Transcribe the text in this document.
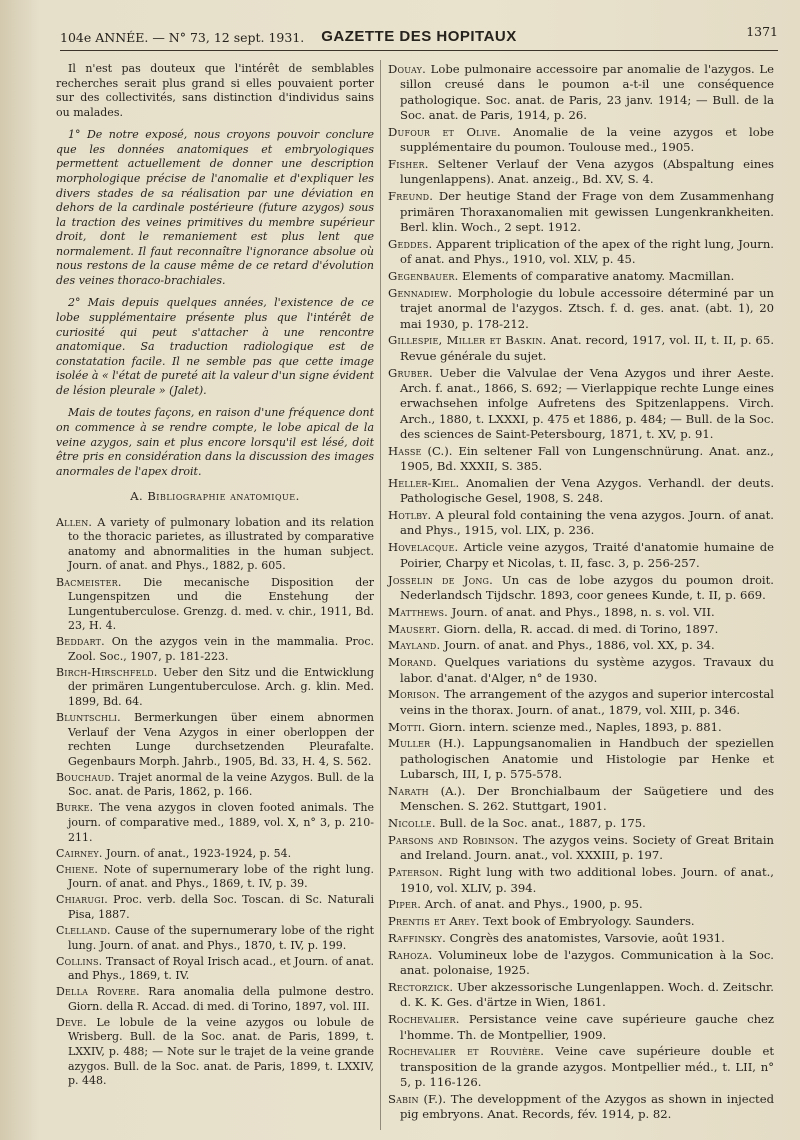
104e ANNÉE. — N° 73, 12 sept. 1931.	GAZETTE DES HOPITAUX	1371

Il n'est pas douteux que l'intérêt de semblables recherches serait plus grand si elles pouvaient porter sur des collectivités, sans distinction d'individus sains ou malades.

1° De notre exposé, nous croyons pouvoir conclure que les données anatomiques et embryologiques permettent actuellement de donner une description morphologique précise de l'anomalie et d'expliquer les divers stades de sa réalisation par une déviation en dehors de la cardinale postérieure (future azygos) sous la traction des veines primitives du membre supérieur droit, dont le remaniement est plus lent que normalement. Il faut reconnaître l'ignorance absolue où nous restons de la cause même de ce retard d'évolution des veines thoraco-brachiales.

2° Mais depuis quelques années, l'existence de ce lobe supplémentaire présente plus que l'intérêt de curiosité qui peut s'attacher à une rencontre anatomique. Sa traduction radiologique est de constatation facile. Il ne semble pas que cette image isolée à « l'état de pureté ait la valeur d'un signe évident de lésion pleurale » (Jalet).

Mais de toutes façons, en raison d'une fréquence dont on commence à se rendre compte, le lobe apical de la veine azygos, sain et plus encore lorsqu'il est lésé, doit être pris en considération dans la discussion des images anormales de l'apex droit.

A. Bibliographie anatomique.
Allen. A variety of pulmonary lobation and its relation to the thoracic parietes, as illustrated by comparative anatomy and abnormalities in the human subject. Journ. of anat. and Phys., 1882, p. 605.
Bacmeister. Die mecanische Disposition der Lungenspitzen und die Enstehung der Lungentuberculose. Grenzg. d. med. v. chir., 1911, Bd. 23, H. 4.
Beddart. On the azygos vein in the mammalia. Proc. Zool. Soc., 1907, p. 181-223.
Birch-Hirschfeld. Ueber den Sitz und die Entwicklung der primären Lungentuberculose. Arch. g. klin. Med. 1899, Bd. 64.
Bluntschli. Bermerkungen über einem abnormen Verlauf der Vena Azygos in einer oberloppen der rechten Lunge durchsetzenden Pleurafalte. Gegenbaurs Morph. Jahrb., 1905, Bd. 33, H. 4, S. 562.
Bouchaud. Trajet anormal de la veine Azygos. Bull. de la Soc. anat. de Paris, 1862, p. 166.
Burke. The vena azygos in cloven footed animals. The journ. of comparative med., 1889, vol. X, n° 3, p. 210-211.
Cairney. Journ. of anat., 1923-1924, p. 54.
Chiene. Note of supernumerary lobe of the right lung. Journ. of anat. and Phys., 1869, t. IV, p. 39.
Chiarugi. Proc. verb. della Soc. Toscan. di Sc. Naturali Pisa, 1887.
Clelland. Cause of the supernumerary lobe of the right lung. Journ. of anat. and Phys., 1870, t. IV, p. 199.
Collins. Transact of Royal Irisch acad., et Journ. of anat. and Phys., 1869, t. IV.
Della Rovere. Rara anomalia della pulmone destro. Giorn. della R. Accad. di med. di Torino, 1897, vol. III.
Deve. Le lobule de la veine azygos ou lobule de Wrisberg. Bull. de la Soc. anat. de Paris, 1899, t. LXXIV, p. 488; — Note sur le trajet de la veine grande azygos. Bull. de la Soc. anat. de Paris, 1899, t. LXXIV, p. 448.
Douay. Lobe pulmonaire accessoire par anomalie de l'azygos. Le sillon creusé dans le poumon a-t-il une conséquence pathologique. Soc. anat. de Paris, 23 janv. 1914; — Bull. de la Soc. anat. de Paris, 1914, p. 26.
Dufour et Olive. Anomalie de la veine azygos et lobe supplémentaire du poumon. Toulouse med., 1905.
Fisher. Seltener Verlauf der Vena azygos (Abspaltung eines lungenlappens). Anat. anzeig., Bd. XV, S. 4.
Freund. Der heutige Stand der Frage von dem Zusammenhang primären Thoraxanomalien mit gewissen Lungenkrankheiten. Berl. klin. Woch., 2 sept. 1912.
Geddes. Apparent triplication of the apex of the right lung, Journ. of anat. and Phys., 1910, vol. XLV, p. 45.
Gegenbauer. Elements of comparative anatomy. Macmillan.
Gennadiew. Morphologie du lobule accessoire déterminé par un trajet anormal de l'azygos. Ztsch. f. d. ges. anat. (abt. 1), 20 mai 1930, p. 178-212.
Gillespie, Miller et Baskin. Anat. record, 1917, vol. II, t. II, p. 65. Revue générale du sujet.
Gruber. Ueber die Valvulae der Vena Azygos und ihrer Aeste. Arch. f. anat., 1866, S. 692; — Vierlappique rechte Lunge eines erwachsehen infolge Aufretens des Spitzenlappens. Virch. Arch., 1880, t. LXXXI, p. 475 et 1886, p. 484; — Bull. de la Soc. des sciences de Saint-Petersbourg, 1871, t. XV, p. 91.
Hasse (C.). Ein seltener Fall von Lungenschnürung. Anat. anz., 1905, Bd. XXXII, S. 385.
Heller-Kiel. Anomalien der Vena Azygos. Verhandl. der deuts. Pathologische Gesel, 1908, S. 248.
Hotlby. A pleural fold containing the vena azygos. Journ. of anat. and Phys., 1915, vol. LIX, p. 236.
Hovelacque. Article veine azygos, Traité d'anatomie humaine de Poirier, Charpy et Nicolas, t. II, fasc. 3, p. 256-257.
Josselin de Jong. Un cas de lobe azygos du poumon droit. Nederlandsch Tijdschr. 1893, coor genees Kunde, t. II, p. 669.
Matthews. Journ. of anat. and Phys., 1898, n. s. vol. VII.
Mausert. Giorn. della, R. accad. di med. di Torino, 1897.
Mayland. Journ. of anat. and Phys., 1886, vol. XX, p. 34.
Morand. Quelques variations du système azygos. Travaux du labor. d'anat. d'Alger, n° de 1930.
Morison. The arrangement of the azygos and superior intercostal veins in the thorax. Journ. of anat., 1879, vol. XIII, p. 346.
Motti. Giorn. intern. scienze med., Naples, 1893, p. 881.
Muller (H.). Lappungsanomalien in Handbuch der speziellen pathologischen Anatomie und Histologie par Henke et Lubarsch, III, I, p. 575-578.
Narath (A.). Der Bronchialbaum der Saügetiere und des Menschen. S. 262. Stuttgart, 1901.
Nicolle. Bull. de la Soc. anat., 1887, p. 175.
Parsons and Robinson. The azygos veins. Society of Great Britain and Ireland. Journ. anat., vol. XXXIII, p. 197.
Paterson. Right lung with two additional lobes. Journ. of anat., 1910, vol. XLIV, p. 394.
Piper. Arch. of anat. and Phys., 1900, p. 95.
Prentis et Arey. Text book of Embryology. Saunders.
Raffinsky. Congrès des anatomistes, Varsovie, août 1931.
Rahoza. Volumineux lobe de l'azygos. Communication à la Soc. anat. polonaise, 1925.
Rectorzick. Uber akzessorische Lungenlappen. Woch. d. Zeitschr. d. K. K. Ges. d'ärtze in Wien, 1861.
Rochevalier. Persistance veine cave supérieure gauche chez l'homme. Th. de Montpellier, 1909.
Rochevalier et Rouvière. Veine cave supérieure double et transposition de la grande azygos. Montpellier méd., t. LII, n° 5, p. 116-126.
Sabin (F.). The developpment of the Azygos as shown in injected pig embryons. Anat. Records, fév. 1914, p. 82.
